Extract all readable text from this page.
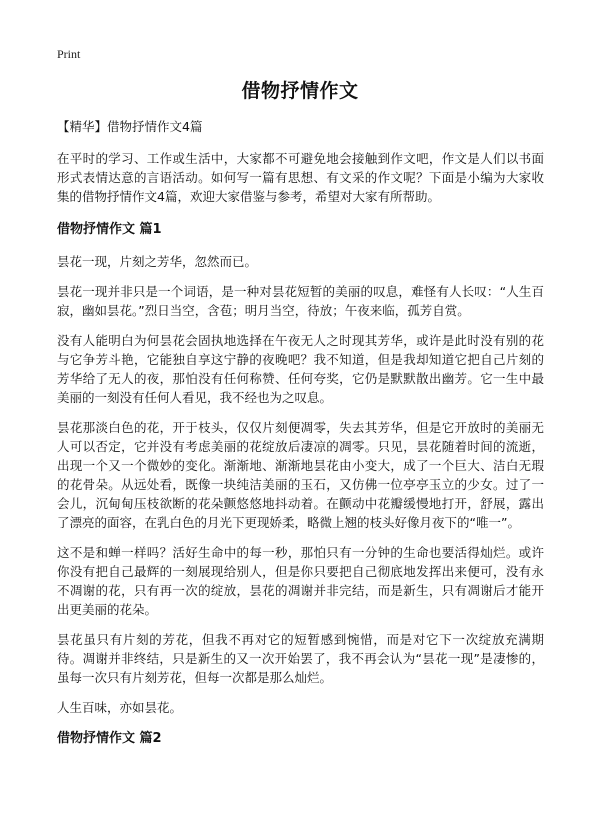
Print
借物抒情作文
【精华】借物抒情作文4篇

在平时的学习、工作或生活中，大家都不可避免地会接触到作文吧，作文是人们以书面形式表情达意的言语活动。如何写一篇有思想、有文采的作文呢？下面是小编为大家收集的借物抒情作文4篇，欢迎大家借鉴与参考，希望对大家有所帮助。

借物抒情作文 篇1

昙花一现，片刻之芳华，忽然而已。

昙花一现并非只是一个词语，是一种对昙花短暂的美丽的叹息，难怪有人长叹：“人生百寂，幽如昙花。”烈日当空，含苞；明月当空，待放；午夜来临，孤芳自赏。

没有人能明白为何昙花会固执地选择在午夜无人之时现其芳华，或许是此时没有别的花与它争芳斗艳，它能独自享这宁静的夜晚吧？我不知道，但是我却知道它把自己片刻的芳华给了无人的夜，那怕没有任何称赞、任何夸奖，它仍是默默散出幽芳。它一生中最美丽的一刻没有任何人看见，我不经也为之叹息。

昙花那淡白色的花，开于枝头，仅仅片刻便凋零，失去其芳华，但是它开放时的美丽无人可以否定，它并没有考虑美丽的花绽放后凄凉的凋零。只见，昙花随着时间的流逝，出现一个又一个微妙的变化。渐渐地、渐渐地昙花由小变大，成了一个巨大、洁白无瑕的花骨朵。从远处看，既像一块纯洁美丽的玉石，又仿佛一位亭亭玉立的少女。过了一会儿，沉甸甸压枝欲断的花朵颤悠悠地抖动着。在颤动中花瓣缓慢地打开，舒展，露出了漂亮的面容，在乳白色的月光下更现娇柔，略微上翘的枝头好像月夜下的“唯一”。

这不是和蝉一样吗？活好生命中的每一秒，那怕只有一分钟的生命也要活得灿烂。或许你没有把自己最辉的一刻展现给别人，但是你只要把自己彻底地发挥出来便可，没有永不凋谢的花，只有再一次的绽放，昙花的凋谢并非完结，而是新生，只有凋谢后才能开出更美丽的花朵。

昙花虽只有片刻的芳花，但我不再对它的短暂感到惋惜，而是对它下一次绽放充满期待。凋谢并非终结，只是新生的又一次开始罢了，我不再会认为“昙花一现”是凄惨的，虽每一次只有片刻芳花，但每一次都是那么灿烂。

人生百味，亦如昙花。

借物抒情作文 篇2
